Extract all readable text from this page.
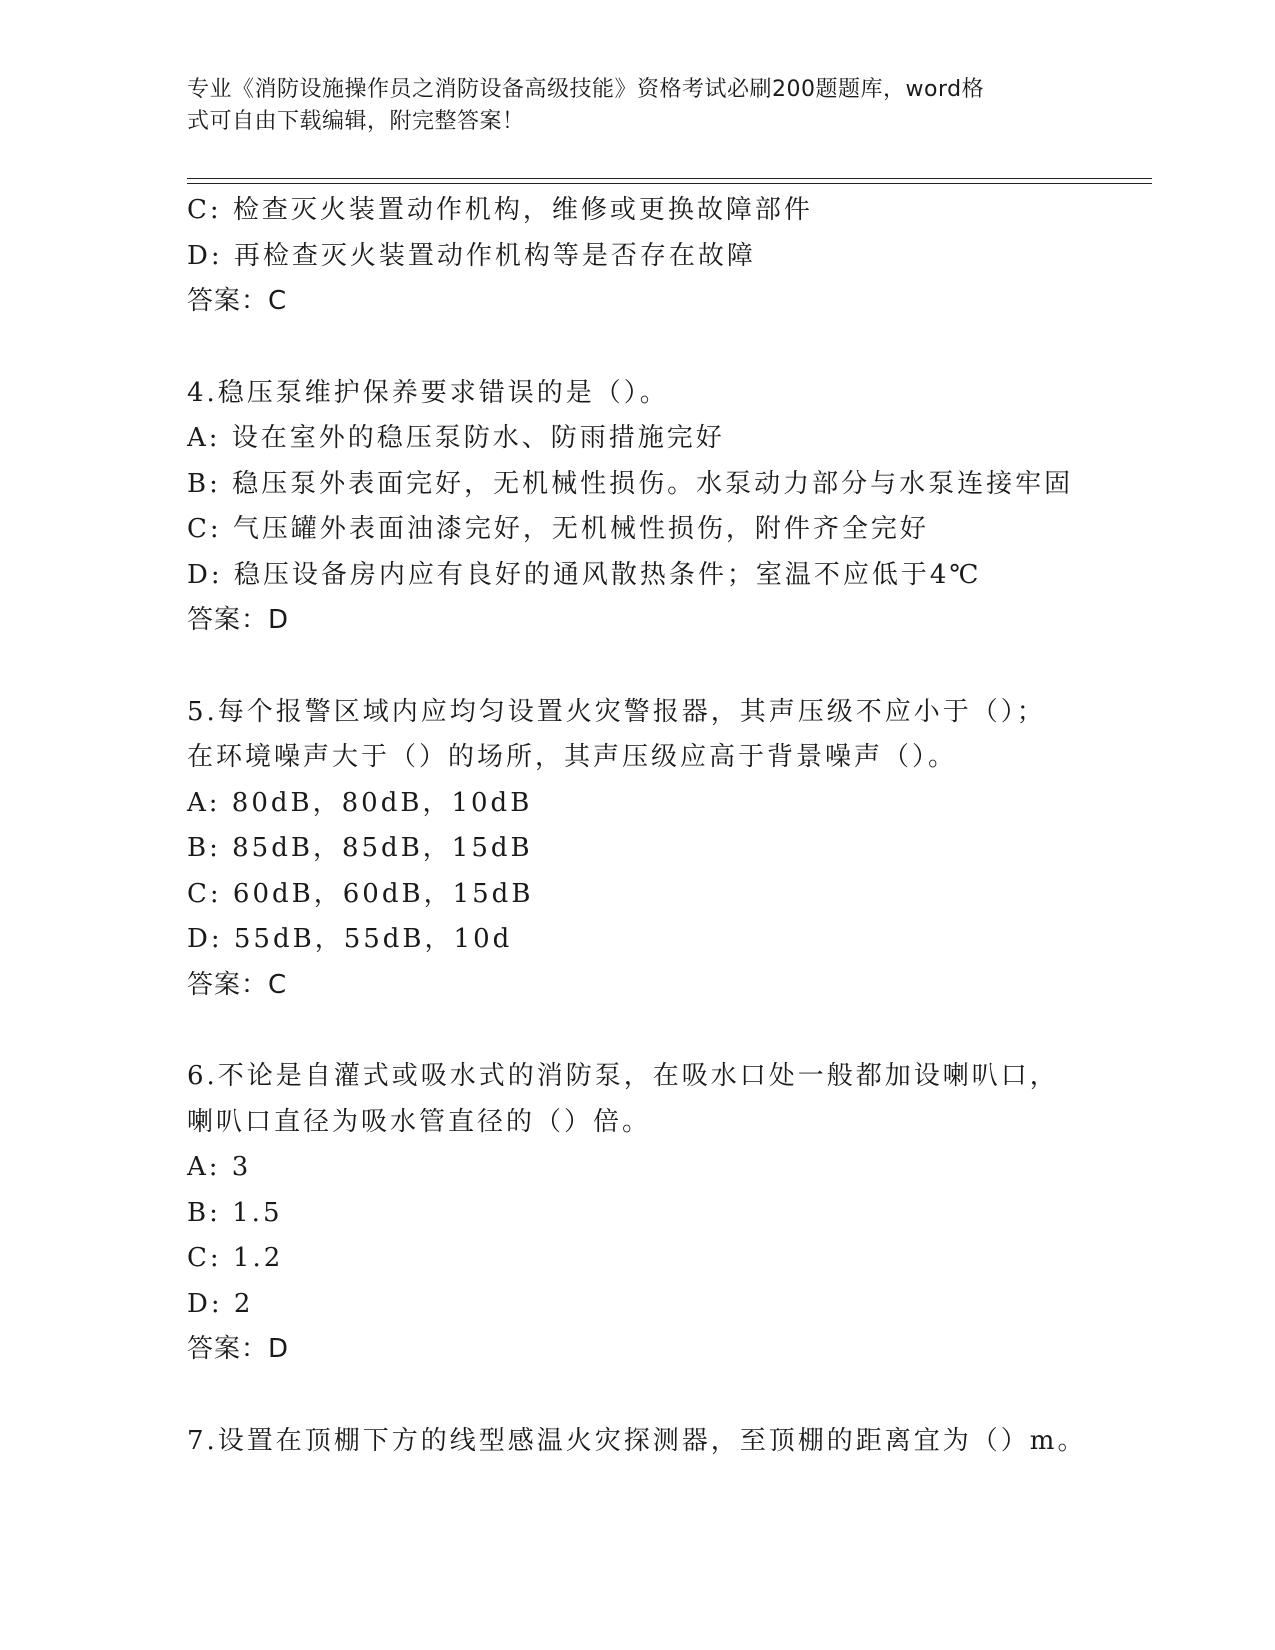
专业《消防设施操作员之消防设备高级技能》资格考试必刷200题题库，word格
式可自由下载编辑，附完整答案！
C: 检查灭火装置动作机构，维修或更换故障部件
D: 再检查灭火装置动作机构等是否存在故障
答案：C
4.稳压泵维护保养要求错误的是（）。
A: 设在室外的稳压泵防水、防雨措施完好
B: 稳压泵外表面完好，无机械性损伤。水泵动力部分与水泵连接牢固
C: 气压罐外表面油漆完好，无机械性损伤，附件齐全完好
D: 稳压设备房内应有良好的通风散热条件；室温不应低于4℃
答案：D
5.每个报警区域内应均匀设置火灾警报器，其声压级不应小于（）；
在环境噪声大于（）的场所，其声压级应高于背景噪声（）。
A: 80dB，80dB，10dB
B: 85dB，85dB，15dB
C: 60dB，60dB，15dB
D: 55dB，55dB，10d
答案：C
6.不论是自灌式或吸水式的消防泵，在吸水口处一般都加设喇叭口，
喇叭口直径为吸水管直径的（）倍。
A: 3
B: 1.5
C: 1.2
D: 2
答案：D
7.设置在顶棚下方的线型感温火灾探测器，至顶棚的距离宜为（）m。
